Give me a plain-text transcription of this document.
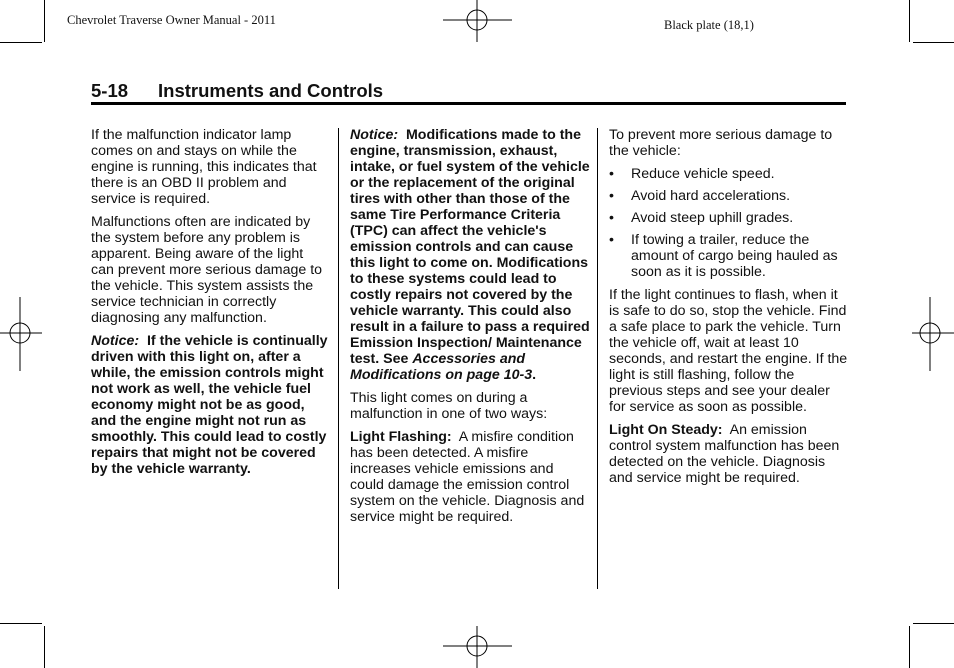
Chevrolet Traverse Owner Manual - 2011	Black plate (18,1)
5-18 Instruments and Controls

If the malfunction indicator lamp comes on and stays on while the engine is running, this indicates that there is an OBD II problem and service is required.

Malfunctions often are indicated by the system before any problem is apparent. Being aware of the light can prevent more serious damage to the vehicle. This system assists the service technician in correctly diagnosing any malfunction.

Notice: If the vehicle is continually driven with this light on, after a while, the emission controls might not work as well, the vehicle fuel economy might not be as good, and the engine might not run as smoothly. This could lead to costly repairs that might not be covered by the vehicle warranty.

Notice: Modifications made to the engine, transmission, exhaust, intake, or fuel system of the vehicle or the replacement of the original tires with other than those of the same Tire Performance Criteria (TPC) can affect the vehicle's emission controls and can cause this light to come on. Modifications to these systems could lead to costly repairs not covered by the vehicle warranty. This could also result in a failure to pass a required Emission Inspection/ Maintenance test. See Accessories and Modifications on page 10-3.

This light comes on during a malfunction in one of two ways:

Light Flashing: A misfire condition has been detected. A misfire increases vehicle emissions and could damage the emission control system on the vehicle. Diagnosis and service might be required.

To prevent more serious damage to the vehicle:

• Reduce vehicle speed.
• Avoid hard accelerations.
• Avoid steep uphill grades.
• If towing a trailer, reduce the amount of cargo being hauled as soon as it is possible.

If the light continues to flash, when it is safe to do so, stop the vehicle. Find a safe place to park the vehicle. Turn the vehicle off, wait at least 10 seconds, and restart the engine. If the light is still flashing, follow the previous steps and see your dealer for service as soon as possible.

Light On Steady: An emission control system malfunction has been detected on the vehicle. Diagnosis and service might be required.
